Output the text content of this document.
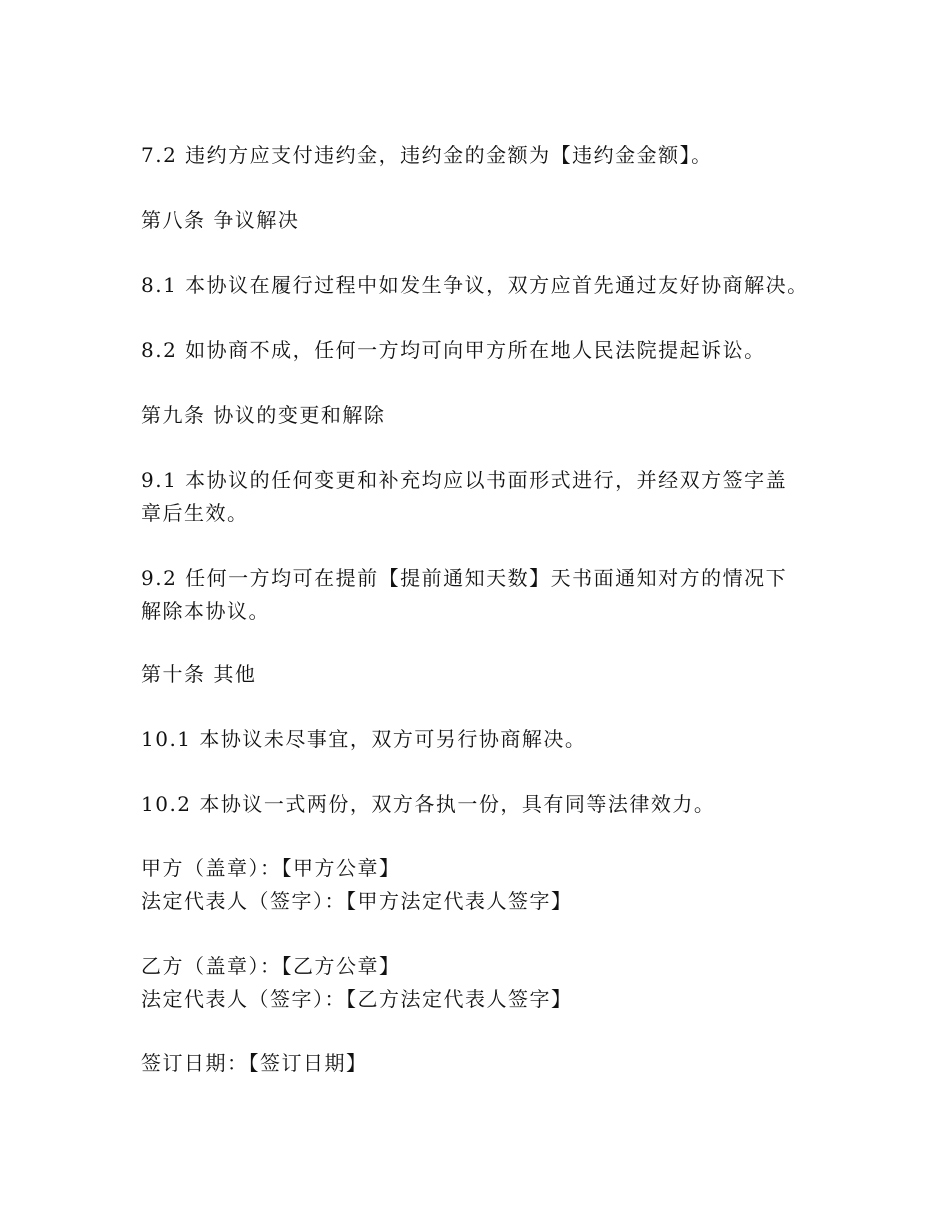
7.2 违约方应支付违约金，违约金的金额为【违约金金额】。
第八条 争议解决
8.1 本协议在履行过程中如发生争议，双方应首先通过友好协商解决。
8.2 如协商不成，任何一方均可向甲方所在地人民法院提起诉讼。
第九条 协议的变更和解除
9.1 本协议的任何变更和补充均应以书面形式进行，并经双方签字盖
章后生效。
9.2 任何一方均可在提前【提前通知天数】天书面通知对方的情况下
解除本协议。
第十条 其他
10.1 本协议未尽事宜，双方可另行协商解决。
10.2 本协议一式两份，双方各执一份，具有同等法律效力。
甲方（盖章）：【甲方公章】
法定代表人（签字）：【甲方法定代表人签字】
乙方（盖章）：【乙方公章】
法定代表人（签字）：【乙方法定代表人签字】
签订日期：【签订日期】
